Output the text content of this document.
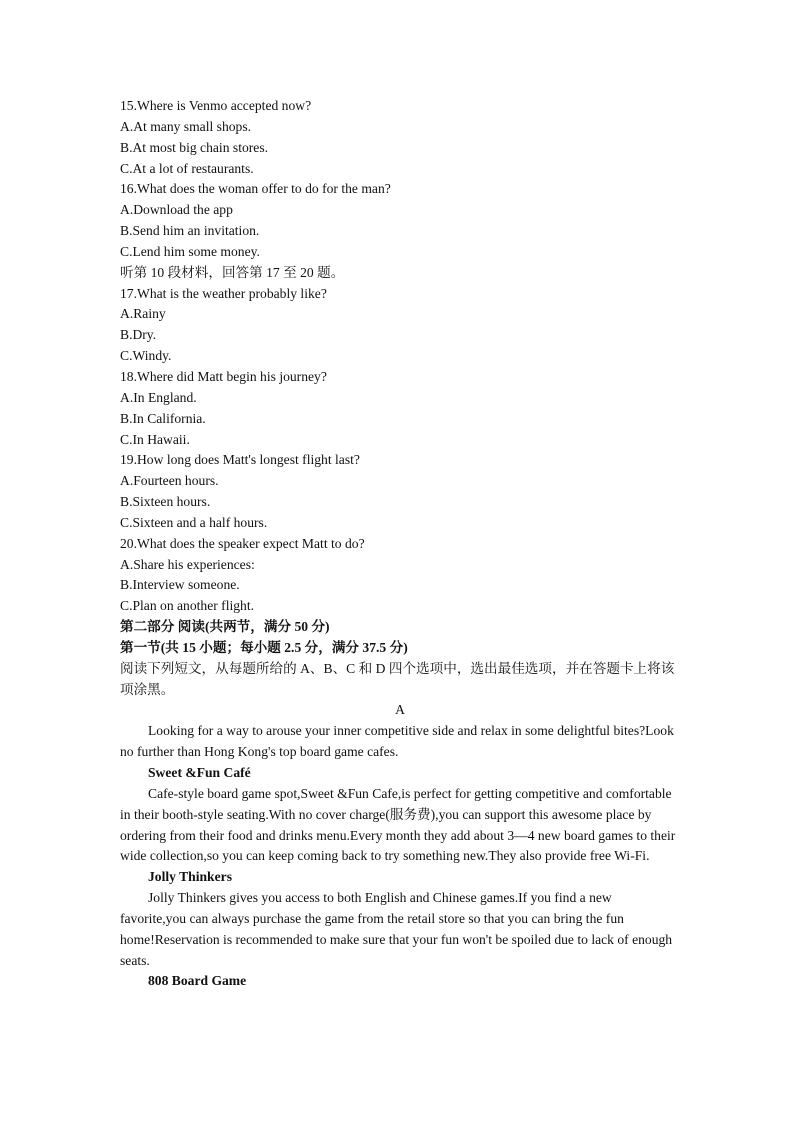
15.Where is Venmo accepted now?
A.At many small shops.
B.At most big chain stores.
C.At a lot of restaurants.
16.What does the woman offer to do for the man?
A.Download the app
B.Send him an invitation.
C.Lend him some money.
听第 10 段材料，回答第 17 至 20 题。
17.What is the weather probably like?
A.Rainy
B.Dry.
C.Windy.
18.Where did Matt begin his journey?
A.In England.
B.In California.
C.In Hawaii.
19.How long does Matt's longest flight last?
A.Fourteen hours.
B.Sixteen hours.
C.Sixteen and a half hours.
20.What does the speaker expect Matt to do?
A.Share his experiences:
B.Interview someone.
C.Plan on another flight.
第二部分 阅读(共两节，满分 50 分)
第一节(共 15 小题；每小题 2.5 分，满分 37.5 分)
阅读下列短文，从每题所给的 A、B、C 和 D 四个选项中，选出最佳选项，并在答题卡上将该项涂黑。
A
Looking for a way to arouse your inner competitive side and relax in some delightful bites?Look no further than Hong Kong's top board game cafes.
Sweet &Fun Café
Cafe-style board game spot,Sweet &Fun Cafe,is perfect for getting competitive and comfortable in their booth-style seating.With no cover charge(服务费),you can support this awesome place by ordering from their food and drinks menu.Every month they add about 3—4 new board games to their wide collection,so you can keep coming back to try something new.They also provide free Wi-Fi.
Jolly Thinkers
Jolly Thinkers gives you access to both English and Chinese games.If you find a new favorite,you can always purchase the game from the retail store so that you can bring the fun home!Reservation is recommended to make sure that your fun won't be spoiled due to lack of enough seats.
808 Board Game
